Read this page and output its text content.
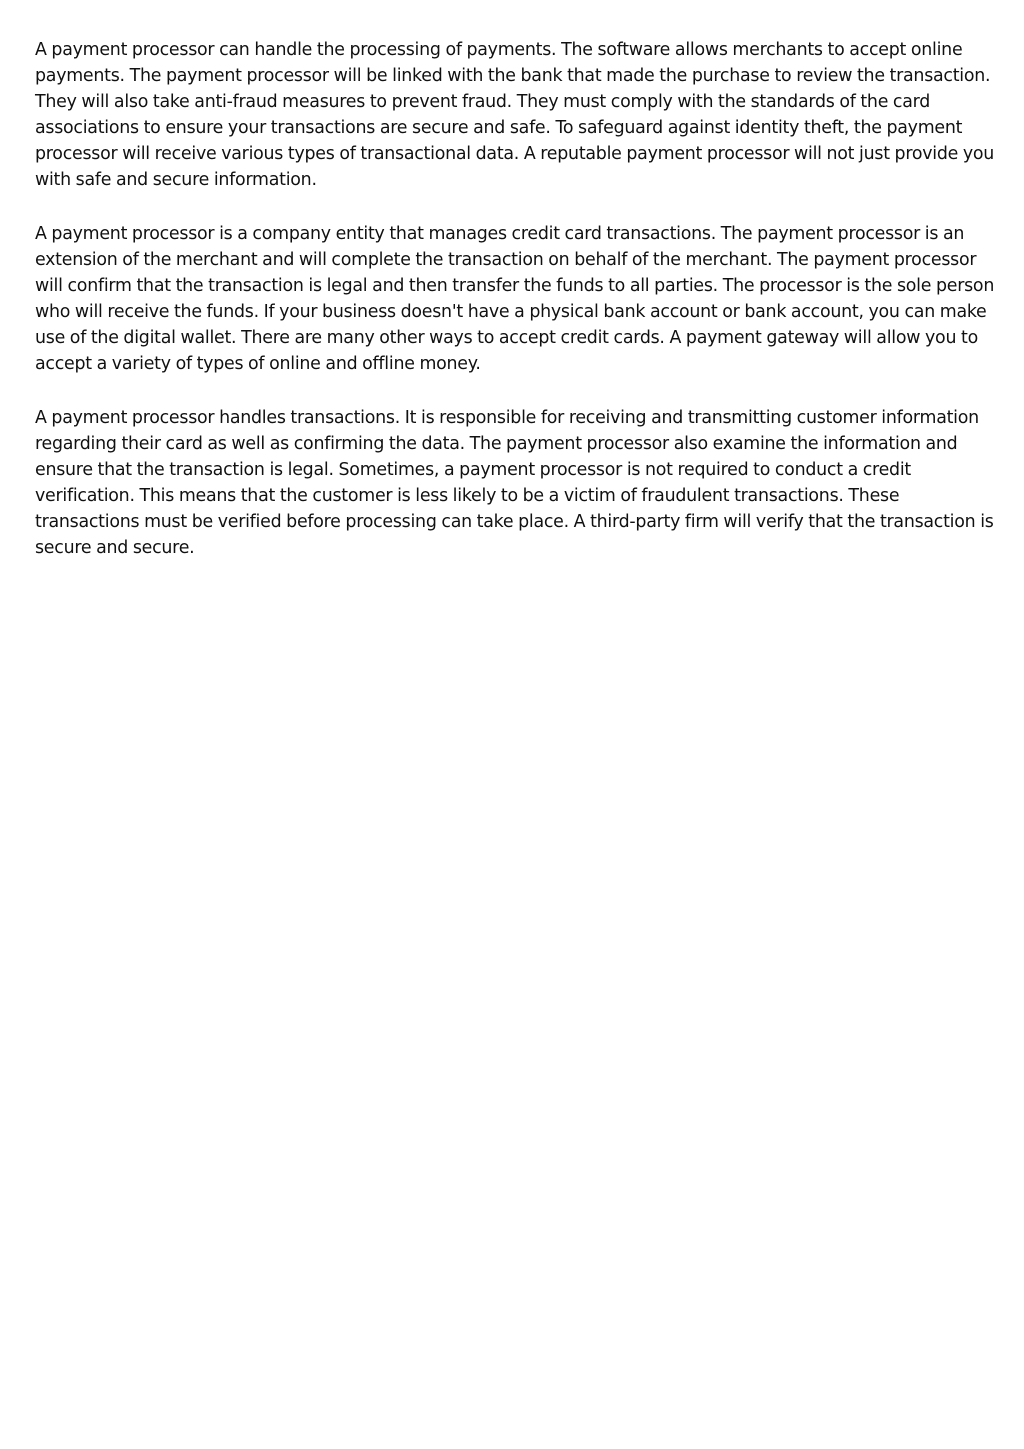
A payment processor can handle the processing of payments. The software allows merchants to accept online payments. The payment processor will be linked with the bank that made the purchase to review the transaction. They will also take anti-fraud measures to prevent fraud. They must comply with the standards of the card associations to ensure your transactions are secure and safe. To safeguard against identity theft, the payment processor will receive various types of transactional data. A reputable payment processor will not just provide you with safe and secure information.

A payment processor is a company entity that manages credit card transactions. The payment processor is an extension of the merchant and will complete the transaction on behalf of the merchant. The payment processor will confirm that the transaction is legal and then transfer the funds to all parties. The processor is the sole person who will receive the funds. If your business doesn't have a physical bank account or bank account, you can make use of the digital wallet. There are many other ways to accept credit cards. A payment gateway will allow you to accept a variety of types of online and offline money.

A payment processor handles transactions. It is responsible for receiving and transmitting customer information regarding their card as well as confirming the data. The payment processor also examine the information and ensure that the transaction is legal. Sometimes, a payment processor is not required to conduct a credit verification. This means that the customer is less likely to be a victim of fraudulent transactions. These transactions must be verified before processing can take place. A third-party firm will verify that the transaction is secure and secure.
